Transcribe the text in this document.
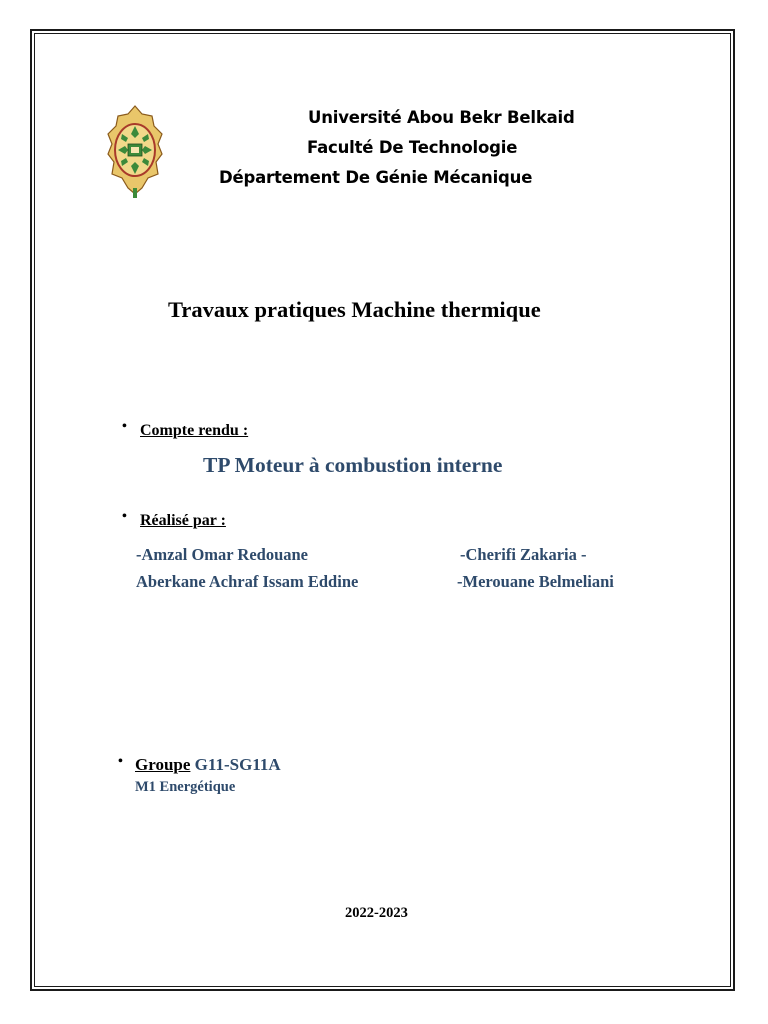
Université Abou Bekr Belkaid
Faculté De Technologie
Département De Génie Mécanique
Travaux pratiques Machine thermique
• Compte rendu :
TP Moteur à combustion interne
• Réalisé par :
-Amzal Omar Redouane
Aberkane Achraf Issam Eddine
-Cherifi Zakaria -
-Merouane Belmeliani
• Groupe G11-SG11A
M1 Energétique
2022-2023
